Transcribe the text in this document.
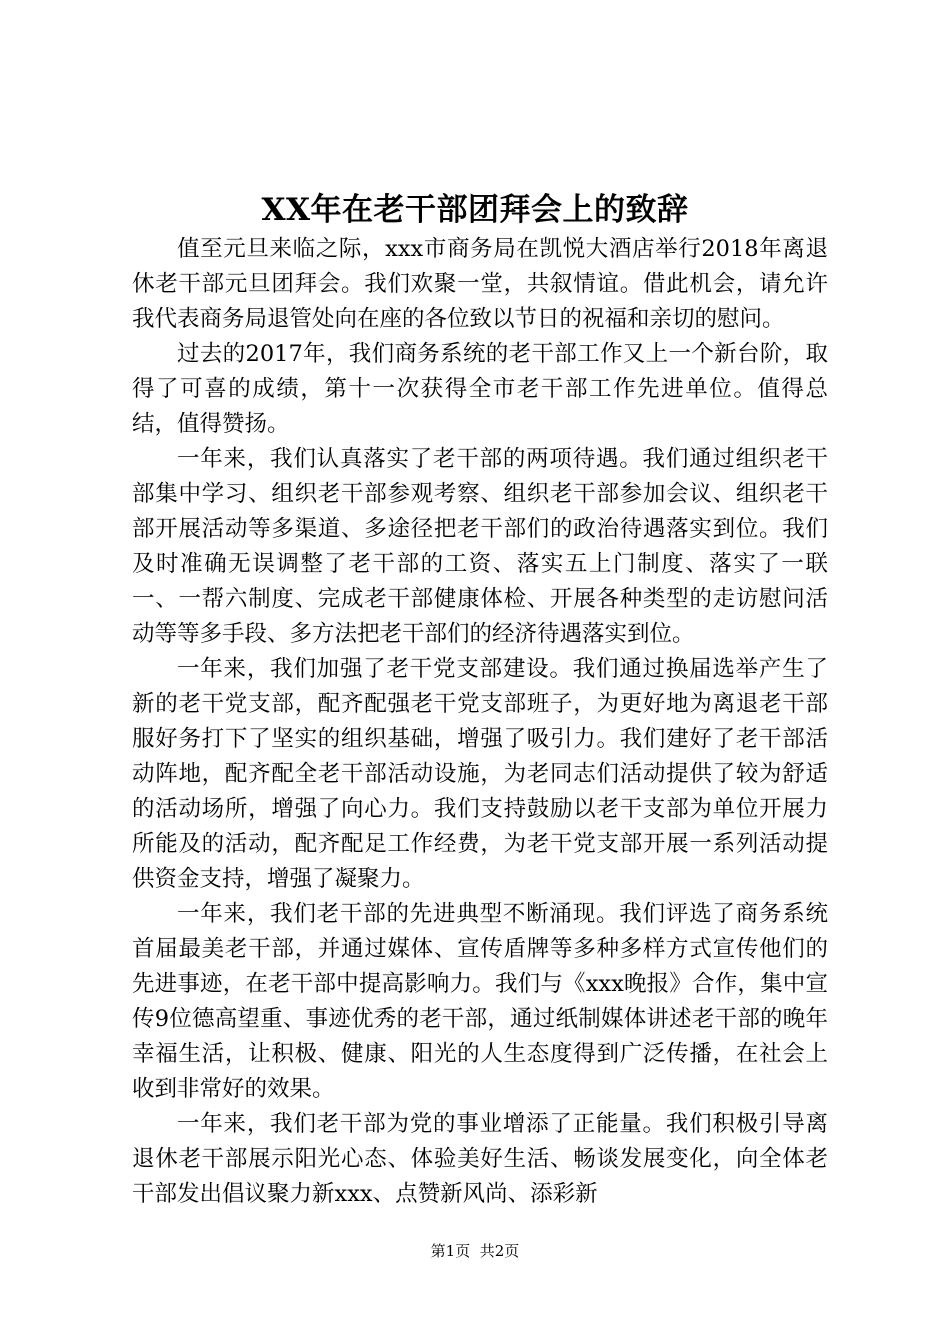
XX年在老干部团拜会上的致辞

值至元旦来临之际，xxx市商务局在凯悦大酒店举行2018年离退休老干部元旦团拜会。我们欢聚一堂，共叙情谊。借此机会，请允许我代表商务局退管处向在座的各位致以节日的祝福和亲切的慰问。

过去的2017年，我们商务系统的老干部工作又上一个新台阶，取得了可喜的成绩，第十一次获得全市老干部工作先进单位。值得总结，值得赞扬。

一年来，我们认真落实了老干部的两项待遇。我们通过组织老干部集中学习、组织老干部参观考察、组织老干部参加会议、组织老干部开展活动等多渠道、多途径把老干部们的政治待遇落实到位。我们及时准确无误调整了老干部的工资、落实五上门制度、落实了一联一、一帮六制度、完成老干部健康体检、开展各种类型的走访慰问活动等等多手段、多方法把老干部们的经济待遇落实到位。

一年来，我们加强了老干党支部建设。我们通过换届选举产生了新的老干党支部，配齐配强老干党支部班子，为更好地为离退老干部服好务打下了坚实的组织基础，增强了吸引力。我们建好了老干部活动阵地，配齐配全老干部活动设施，为老同志们活动提供了较为舒适的活动场所，增强了向心力。我们支持鼓励以老干支部为单位开展力所能及的活动，配齐配足工作经费，为老干党支部开展一系列活动提供资金支持，增强了凝聚力。

一年来，我们老干部的先进典型不断涌现。我们评选了商务系统首届最美老干部，并通过媒体、宣传盾牌等多种多样方式宣传他们的先进事迹，在老干部中提高影响力。我们与《xxx晚报》合作，集中宣传9位德高望重、事迹优秀的老干部，通过纸制媒体讲述老干部的晚年幸福生活，让积极、健康、阳光的人生态度得到广泛传播，在社会上收到非常好的效果。

一年来，我们老干部为党的事业增添了正能量。我们积极引导离退休老干部展示阳光心态、体验美好生活、畅谈发展变化，向全体老干部发出倡议聚力新xxx、点赞新风尚、添彩新

第1页 共2页
